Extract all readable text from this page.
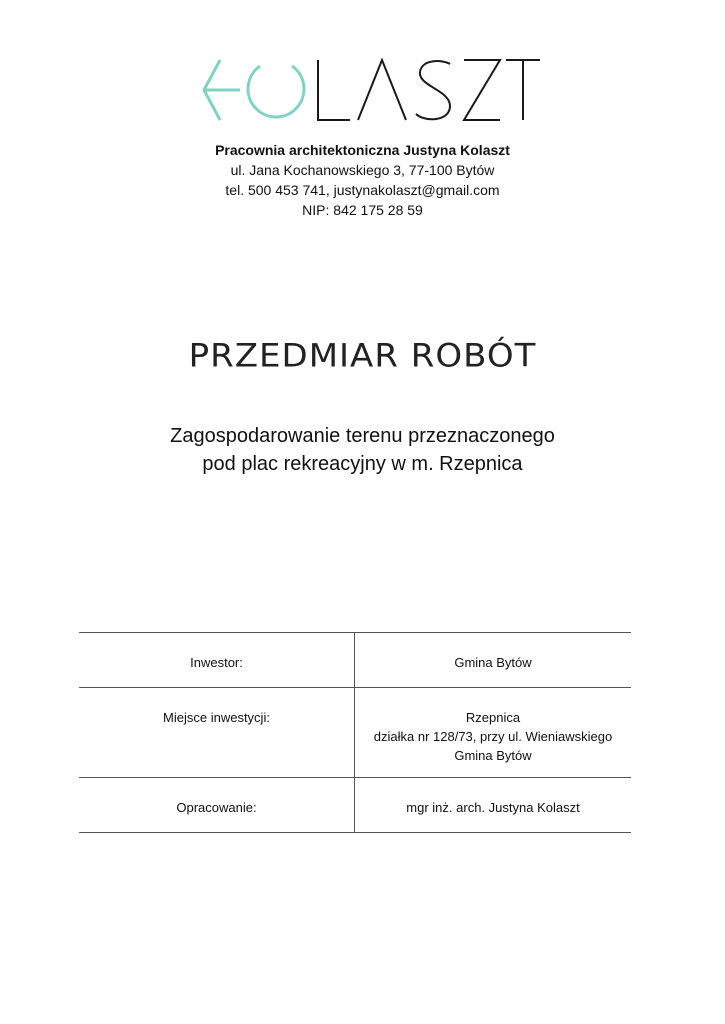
Pracownia architektoniczna Justyna Kolaszt
ul. Jana Kochanowskiego 3, 77-100 Bytów
tel. 500 453 741, justynakolaszt@gmail.com
NIP: 842 175 28 59
PRZEDMIAR ROBÓT
Zagospodarowanie terenu przeznaczonego
pod plac rekreacyjny w m. Rzepnica
Inwestor:	Gmina Bytów

Miejsce inwestycji:	Rzepnica
działka nr 128/73, przy ul. Wieniawskiego
Gmina Bytów

Opracowanie:	mgr inż. arch. Justyna Kolaszt
